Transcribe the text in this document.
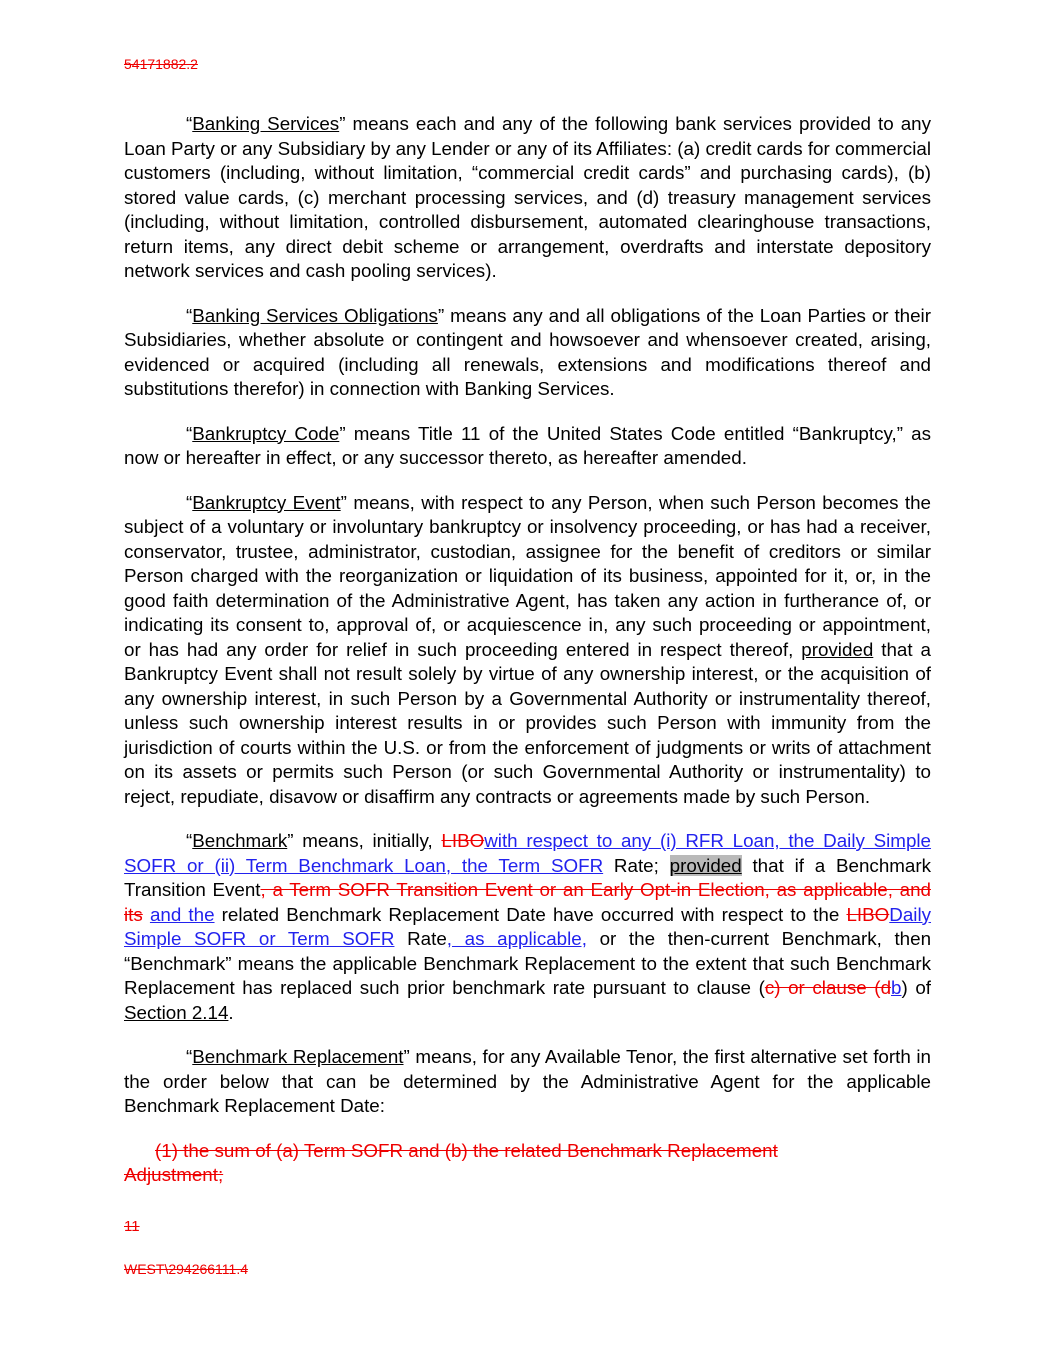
54171882.2

“Banking Services” means each and any of the following bank services provided to any Loan Party or any Subsidiary by any Lender or any of its Affiliates: (a) credit cards for commercial customers (including, without limitation, “commercial credit cards” and purchasing cards), (b) stored value cards, (c) merchant processing services, and (d) treasury management services (including, without limitation, controlled disbursement, automated clearinghouse transactions, return items, any direct debit scheme or arrangement, overdrafts and interstate depository network services and cash pooling services).

“Banking Services Obligations” means any and all obligations of the Loan Parties or their Subsidiaries, whether absolute or contingent and howsoever and whensoever created, arising, evidenced or acquired (including all renewals, extensions and modifications thereof and substitutions therefor) in connection with Banking Services.

“Bankruptcy Code” means Title 11 of the United States Code entitled “Bankruptcy,” as now or hereafter in effect, or any successor thereto, as hereafter amended.

“Bankruptcy Event” means, with respect to any Person, when such Person becomes the subject of a voluntary or involuntary bankruptcy or insolvency proceeding, or has had a receiver, conservator, trustee, administrator, custodian, assignee for the benefit of creditors or similar Person charged with the reorganization or liquidation of its business, appointed for it, or, in the good faith determination of the Administrative Agent, has taken any action in furtherance of, or indicating its consent to, approval of, or acquiescence in, any such proceeding or appointment, or has had any order for relief in such proceeding entered in respect thereof, provided that a Bankruptcy Event shall not result solely by virtue of any ownership interest, or the acquisition of any ownership interest, in such Person by a Governmental Authority or instrumentality thereof, unless such ownership interest results in or provides such Person with immunity from the jurisdiction of courts within the U.S. or from the enforcement of judgments or writs of attachment on its assets or permits such Person (or such Governmental Authority or instrumentality) to reject, repudiate, disavow or disaffirm any contracts or agreements made by such Person.

“Benchmark” means, initially, LIBOwith respect to any (i) RFR Loan, the Daily Simple SOFR or (ii) Term Benchmark Loan, the Term SOFR Rate; provided that if a Benchmark Transition Event, a Term SOFR Transition Event or an Early Opt-in Election, as applicable, and its and the related Benchmark Replacement Date have occurred with respect to the LIBODaily Simple SOFR or Term SOFR Rate, as applicable, or the then-current Benchmark, then “Benchmark” means the applicable Benchmark Replacement to the extent that such Benchmark Replacement has replaced such prior benchmark rate pursuant to clause (c) or clause (db) of Section 2.14.

“Benchmark Replacement” means, for any Available Tenor, the first alternative set forth in the order below that can be determined by the Administrative Agent for the applicable Benchmark Replacement Date:

(1) the sum of (a) Term SOFR and (b) the related Benchmark Replacement Adjustment;

11
WEST\294266111.4
